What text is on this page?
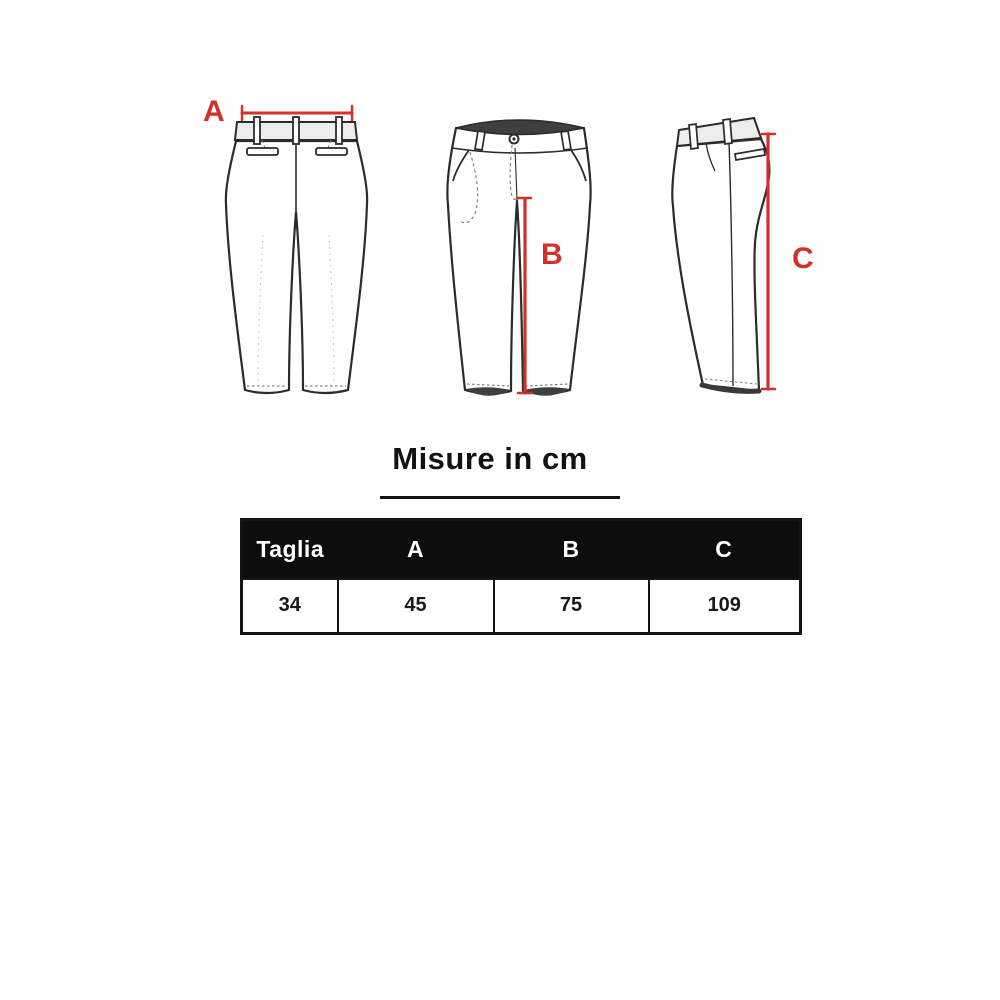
A
B	C
Misure in cm
Taglia	A	B	C
34	45	75	109
